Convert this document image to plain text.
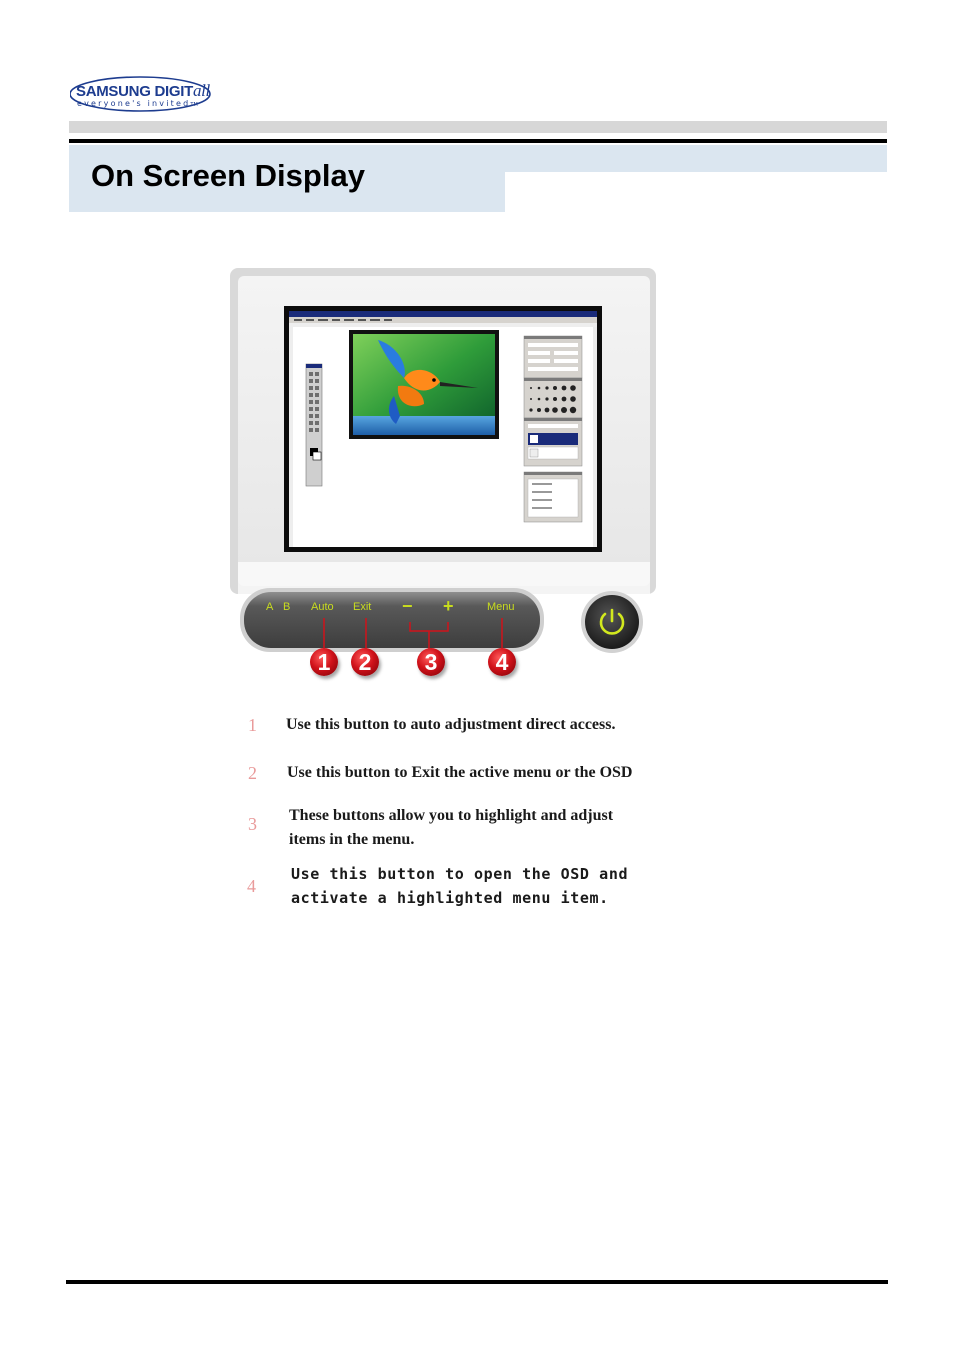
SAMSUNG DIGITall
everyone's invitedTM
On Screen Display
A B Auto Exit − +	Menu
1	2	3	4
1 Use this button to auto adjustment direct access.
2 Use this button to Exit the active menu or the OSD
3 These buttons allow you to highlight and adjust
items in the menu.
4
Use this button to open the OSD and
activate a highlighted menu item.
